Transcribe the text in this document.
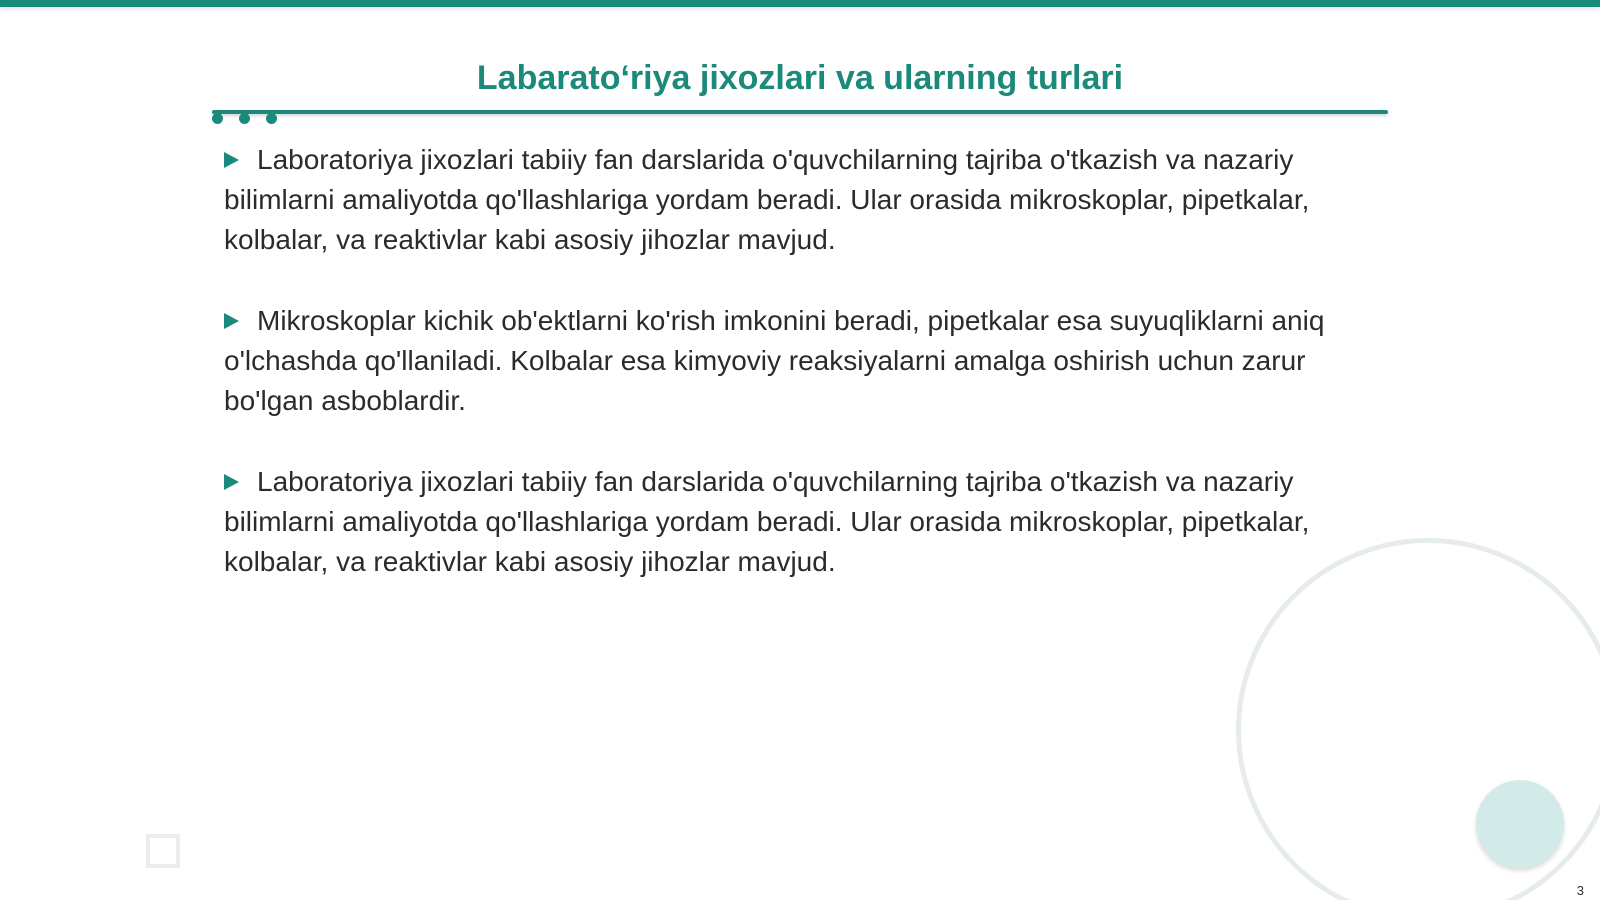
Labarato‘riya jixozlari va ularning turlari

Laboratoriya jixozlari tabiiy fan darslarida o'quvchilarning tajriba o'tkazish va nazariy bilimlarni amaliyotda qo'llashlariga yordam beradi. Ular orasida mikroskoplar, pipetkalar, kolbalar, va reaktivlar kabi asosiy jihozlar mavjud.

Mikroskoplar kichik ob'ektlarni ko'rish imkonini beradi, pipetkalar esa suyuqliklarni aniq o'lchashda qo'llaniladi. Kolbalar esa kimyoviy reaksiyalarni amalga oshirish uchun zarur bo'lgan asboblardir.

Laboratoriya jixozlari tabiiy fan darslarida o'quvchilarning tajriba o'tkazish va nazariy bilimlarni amaliyotda qo'llashlariga yordam beradi. Ular orasida mikroskoplar, pipetkalar, kolbalar, va reaktivlar kabi asosiy jihozlar mavjud.

3
